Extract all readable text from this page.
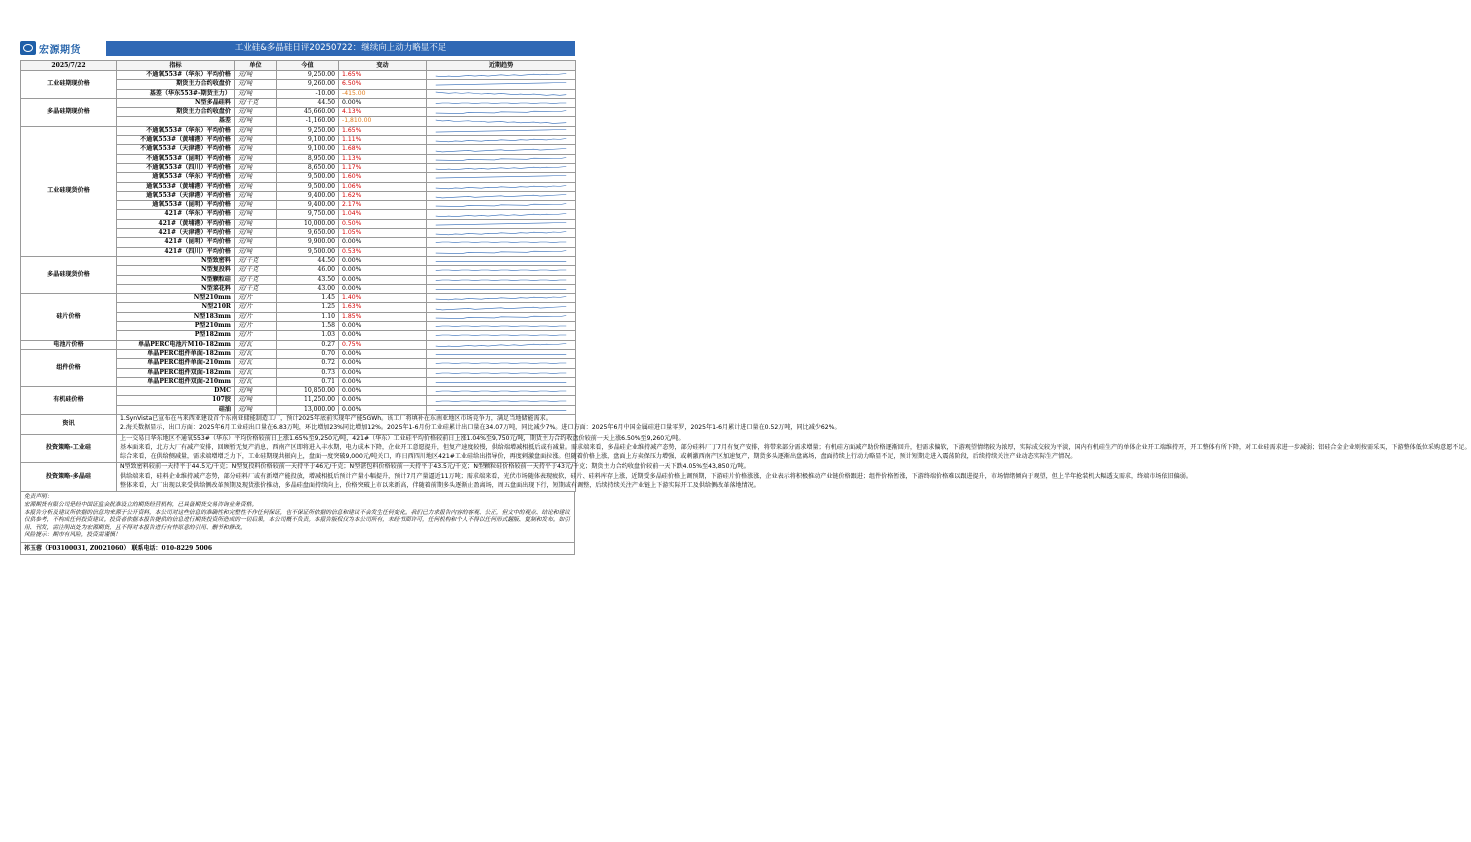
宏源期货	工业硅&多晶硅日评20250722：继续向上动力略显不足
2025/7/22	指标	单位	今值	变动	近期趋势
工业硅期现价格	不通氧553#（华东）平均价格	元/吨	9,250.00	1.65%	

	期货主力合约收盘价	元/吨	9,260.00	6.50%	

	基差（华东553#-期货主力）	元/吨	-10.00	-415.00	

多晶硅期现价格	N型多晶硅料	元/千克	44.50	0.00%	

	期货主力合约收盘价	元/吨	45,660.00	4.13%	

	基差	元/吨	-1,160.00	-1,810.00	

工业硅现货价格	不通氧553#（华东）平均价格	元/吨	9,250.00	1.65%	

	不通氧553#（黄埔港）平均价格	元/吨	9,100.00	1.11%	

	不通氧553#（天津港）平均价格	元/吨	9,100.00	1.68%	

	不通氧553#（昆明）平均价格	元/吨	8,950.00	1.13%	

	不通氧553#（四川）平均价格	元/吨	8,650.00	1.17%	

	通氧553#（华东）平均价格	元/吨	9,500.00	1.60%	

	通氧553#（黄埔港）平均价格	元/吨	9,500.00	1.06%	

	通氧553#（天津港）平均价格	元/吨	9,400.00	1.62%	

	通氧553#（昆明）平均价格	元/吨	9,400.00	2.17%	

	421#（华东）平均价格	元/吨	9,750.00	1.04%	

	421#（黄埔港）平均价格	元/吨	10,000.00	0.50%	

	421#（天津港）平均价格	元/吨	9,650.00	1.05%	

	421#（昆明）平均价格	元/吨	9,900.00	0.00%	

	421#（四川）平均价格	元/吨	9,500.00	0.53%	

多晶硅现货价格	N型致密料	元/千克	44.50	0.00%	

	N型复投料	元/千克	46.00	0.00%	

	N型颗粒硅	元/千克	43.50	0.00%	

	N型菜花料	元/千克	43.00	0.00%	

硅片价格	N型210mm	元/片	1.45	1.40%	

	N型210R	元/片	1.25	1.63%	

	N型183mm	元/片	1.10	1.85%	

	P型210mm	元/片	1.58	0.00%	

	P型182mm	元/片	1.03	0.00%	

电池片价格	单晶PERC电池片M10-182mm	元/瓦	0.27	0.75%	

组件价格	单晶PERC组件单面-182mm	元/瓦	0.70	0.00%	

	单晶PERC组件单面-210mm	元/瓦	0.72	0.00%	

	单晶PERC组件双面-182mm	元/瓦	0.73	0.00%	

	单晶PERC组件双面-210mm	元/瓦	0.71	0.00%	

有机硅价格	DMC	元/吨	10,850.00	0.00%	

	107胶	元/吨	11,250.00	0.00%	

	硅油	元/吨	13,000.00	0.00%	

资讯	1.SynVista已宣布在马来西亚建设首个东南亚储能制造工厂，预计2025年底前实现年产能5GWh。该工厂将填补在东南亚地区市场竞争力，满足当地储能需求。

2.海关数据显示，出口方面：2025年6月工业硅出口量在6.83万吨，环比增加23%同比增加12%。2025年1-6月份工业硅累计出口量在34.07万吨，同比减少7%。进口方面：2025年6月中国金属硅进口量零罗，2025年1-6月累计进口量在0.52万吨，同比减少62%。				

投资策略-工业硅	上一交易日华东地区不通氧553#（华东）平均价格较前日上涨1.65%至9,250元/吨，421#（华东）工业硅平均价格较前日上涨1.04%至9,750元/吨，期货主力合约收盘价较前一天上涨6.50%至9,260元/吨。

基本面来看，北方大厂有减产安排，回顾暂无复产消息，西南产区即将进入丰水期，电力成本下降，企业开工意愿提升，但复产速度较慢，供给端增减相抵后或有减量。需求端来看，多晶硅企业维持减产态势，部分硅料厂丁7月有复产安排，将带来部分需求增量；有机硅方面减产助价格逐渐回升，但需求偏软，下游观望情绪较为浓厚，实际成交较为平淡，国内有机硅生产的单体企业开工端维持开，开工整体有所下降，对工业硅需求进一步减弱；铝硅合金企业则按需采买，下游整体低位采购意愿不足。

综合来看，在供给侧减量，需求端增增乏力下，工业硅期现共振向上，盘面一度突破9,000元/吨关口，昨日西四川地区421#工业硅给出指导价，再度刺激盘面拉涨。但随着价格上涨，盘面上方卖保压力增强，或刺激西南产区加速复产，期货多头逐渐出盘离场，盘面持续上行动力略显不足，预计短期走进入震荡阶段，后续持续关注产业动态实际生产情况。				

投资策略-多晶硅	N型致密料较前一天持平于44.5元/千克；N型复投料价格较前一天持平于46元/千克；N型湛包料价格较前一天持平于43.5元/千克；N型颗粒硅价格较前一天持平于43元/千克；期货主力合约收盘价较前一天下跌4.05%至43,850元/吨。

供给端来看，硅料企业维持减产态势，部分硅料厂或有新增产能投放，增减相抵后预计产量小幅提升，预计7月产量逼近11万吨；需求端来看，光伏市场随体表现疲软，硅片、硅料库存上涨，近期受多晶硅价格上调预期，下游硅片价格涨涨，企业表示将积极推动产业链价格跟进；组件价格暂涨，下游终端价格难以跟进提升，市场情绪倾向于观望，但上半年抢装机大幅透支需求，终端市场依旧偏弱。

整体来看，大厂出现以来受供给侧改革预期及现货涨价推动，多晶硅盘面持续向上，价格突破上市以来新高，伴随着前期多头逐渐止盈离场，周五盘面出现下行，短期或有调整，后续持续关注产业链上下游实际开工及供给侧改革落地情况。				

免责声明：

宏源期货有限公司是经中国证监会批准设立的期货经营机构，已具备期货交易咨询业务资格。

本报告分析及建议所依据的信息均来源于公开资料，本公司对这些信息的准确性和完整性不作任何保证，也不保证所依据的信息和建议不会发生任何变化。我们已力求报告内容的客观、公正，但文中的观点、结论和建议仅供参考，不构成任何投资建议。投资者依据本报告提供的信息进行期货投资所造成的一切后果，本公司概不负责。本报告版权仅为本公司所有，未经书面许可，任何机构和个人不得以任何形式翻版、复制和发布。如引用、刊发，需注明出处为宏源期货，且不得对本报告进行有悖原意的引用、删节和修改。

风险提示：期市有风险，投资需谨慎！

祁玉蓉（F03100031, Z0021060） 联系电话：010-8229 5006
